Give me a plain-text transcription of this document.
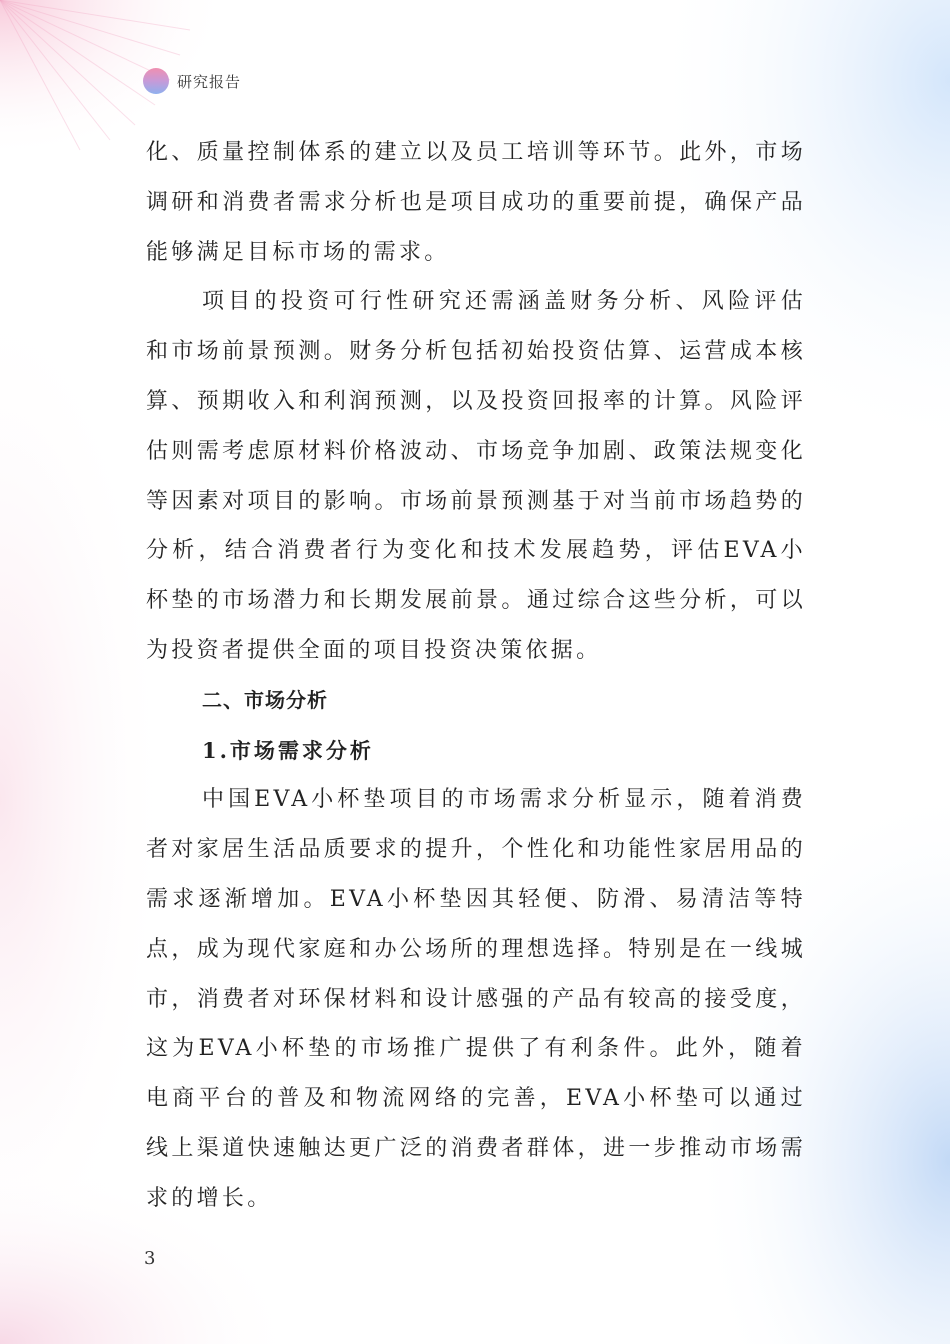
研究报告

化、质量控制体系的建立以及员工培训等环节。此外，市场调研和消费者需求分析也是项目成功的重要前提，确保产品能够满足目标市场的需求。

项目的投资可行性研究还需涵盖财务分析、风险评估和市场前景预测。财务分析包括初始投资估算、运营成本核算、预期收入和利润预测，以及投资回报率的计算。风险评估则需考虑原材料价格波动、市场竞争加剧、政策法规变化等因素对项目的影响。市场前景预测基于对当前市场趋势的分析，结合消费者行为变化和技术发展趋势，评估EVA小杯垫的市场潜力和长期发展前景。通过综合这些分析，可以为投资者提供全面的项目投资决策依据。

二、市场分析
1.市场需求分析

中国EVA小杯垫项目的市场需求分析显示，随着消费者对家居生活品质要求的提升，个性化和功能性家居用品的需求逐渐增加。EVA小杯垫因其轻便、防滑、易清洁等特点，成为现代家庭和办公场所的理想选择。特别是在一线城市，消费者对环保材料和设计感强的产品有较高的接受度，这为EVA小杯垫的市场推广提供了有利条件。此外，随着电商平台的普及和物流网络的完善，EVA小杯垫可以通过线上渠道快速触达更广泛的消费者群体，进一步推动市场需求的增长。

3
